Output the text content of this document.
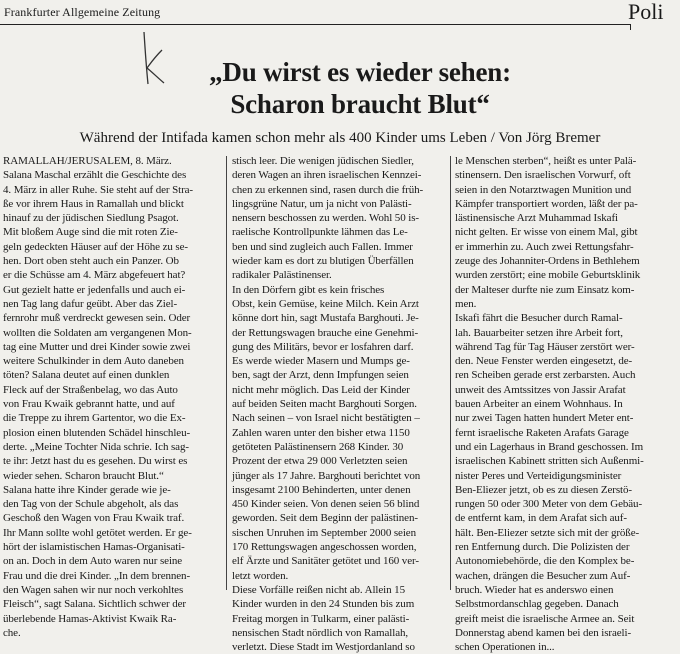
Frankfurter Allgemeine Zeitung	Poli
„Du wirst es wieder sehen:
Scharon braucht Blut“
Während der Intifada kamen schon mehr als 400 Kinder ums Leben / Von Jörg Bremer
RAMALLAH/JERUSALEM, 8. März.
Salana Maschal erzählt die Geschichte des
4. März in aller Ruhe. Sie steht auf der Stra-
ße vor ihrem Haus in Ramallah und blickt
hinauf zu der jüdischen Siedlung Psagot.
Mit bloßem Auge sind die mit roten Zie-
geln gedeckten Häuser auf der Höhe zu se-
hen. Dort oben steht auch ein Panzer. Ob
er die Schüsse am 4. März abgefeuert hat?
Gut gezielt hatte er jedenfalls und auch ei-
nen Tag lang dafur geübt. Aber das Ziel-
fernrohr muß verdreckt gewesen sein. Oder
wollten die Soldaten am vergangenen Mon-
tag eine Mutter und drei Kinder sowie zwei
weitere Schulkinder in dem Auto daneben
töten? Salana deutet auf einen dunklen
Fleck auf der Straßenbelag, wo das Auto
von Frau Kwaik gebrannt hatte, und auf
die Treppe zu ihrem Gartentor, wo die Ex-
plosion einen blutenden Schädel hinschleu-
derte. „Meine Tochter Nida schrie. Ich sag-
te ihr: Jetzt hast du es gesehen. Du wirst es
wieder sehen. Scharon braucht Blut.“
Salana hatte ihre Kinder gerade wie je-
den Tag von der Schule abgeholt, als das
Geschoß den Wagen von Frau Kwaik traf.
Ihr Mann sollte wohl getötet werden. Er ge-
hört der islamistischen Hamas-Organisati-
on an. Doch in dem Auto waren nur seine
Frau und die drei Kinder. „In dem brennen-
den Wagen sahen wir nur noch verkohltes
Fleisch“, sagt Salana. Sichtlich schwer der
überlebende Hamas-Aktivist Kwaik Ra-
che.
stisch leer. Die wenigen jüdischen Siedler,
deren Wagen an ihren israelischen Kennzei-
chen zu erkennen sind, rasen durch die früh-
lingsgrüne Natur, um ja nicht von Palästi-
nensern beschossen zu werden. Wohl 50 is-
raelische Kontrollpunkte lähmen das Le-
ben und sind zugleich auch Fallen. Immer
wieder kam es dort zu blutigen Überfällen
radikaler Palästinenser.
In den Dörfern gibt es kein frisches
Obst, kein Gemüse, keine Milch. Kein Arzt
könne dort hin, sagt Mustafa Barghouti. Je-
der Rettungswagen brauche eine Genehmi-
gung des Militärs, bevor er losfahren darf.
Es werde wieder Masern und Mumps ge-
ben, sagt der Arzt, denn Impfungen seien
nicht mehr möglich. Das Leid der Kinder
auf beiden Seiten macht Barghouti Sorgen.
Nach seinen – von Israel nicht bestätigten –
Zahlen waren unter den bisher etwa 1150
getöteten Palästinensern 268 Kinder. 30
Prozent der etwa 29 000 Verletzten seien
jünger als 17 Jahre. Barghouti berichtet von
insgesamt 2100 Behinderten, unter denen
450 Kinder seien. Von denen seien 56 blind
geworden. Seit dem Beginn der palästinen-
sischen Unruhen im September 2000 seien
170 Rettungswagen angeschossen worden,
elf Ärzte und Sanitäter getötet und 160 ver-
letzt worden.
Diese Vorfälle reißen nicht ab. Allein 15
Kinder wurden in den 24 Stunden bis zum
Freitag morgen in Tulkarm, einer palästi-
nensischen Stadt nördlich von Ramallah,
verletzt. Diese Stadt im Westjordanland so
le Menschen sterben“, heißt es unter Palä-
stinensern. Den israelischen Vorwurf, oft
seien in den Notarztwagen Munition und
Kämpfer transportiert worden, läßt der pa-
lästinensische Arzt Muhammad Iskafi
nicht gelten. Er wisse von einem Mal, gibt
er immerhin zu. Auch zwei Rettungsfahr-
zeuge des Johanniter-Ordens in Bethlehem
wurden zerstört; eine mobile Geburtsklinik
der Malteser durfte nie zum Einsatz kom-
men.
Iskafi fährt die Besucher durch Ramal-
lah. Bauarbeiter setzen ihre Arbeit fort,
während Tag für Tag Häuser zerstört wer-
den. Neue Fenster werden eingesetzt, de-
ren Scheiben gerade erst zerbarsten. Auch
unweit des Amtssitzes von Jassir Arafat
bauen Arbeiter an einem Wohnhaus. In
nur zwei Tagen hatten hundert Meter ent-
fernt israelische Raketen Arafats Garage
und ein Lagerhaus in Brand geschossen. Im
israelischen Kabinett stritten sich Außenmi-
nister Peres und Verteidigungsminister
Ben-Eliezer jetzt, ob es zu diesen Zerstö-
rungen 50 oder 300 Meter von dem Gebäu-
de entfernt kam, in dem Arafat sich auf-
hält. Ben-Eliezer setzte sich mit der größe-
ren Entfernung durch. Die Polizisten der
Autonomiebehörde, die den Komplex be-
wachen, drängen die Besucher zum Auf-
bruch. Wieder hat es anderswo einen
Selbstmordanschlag gegeben. Danach
greift meist die israelische Armee an. Seit
Donnerstag abend kamen bei den israeli-
schen Operationen in...
